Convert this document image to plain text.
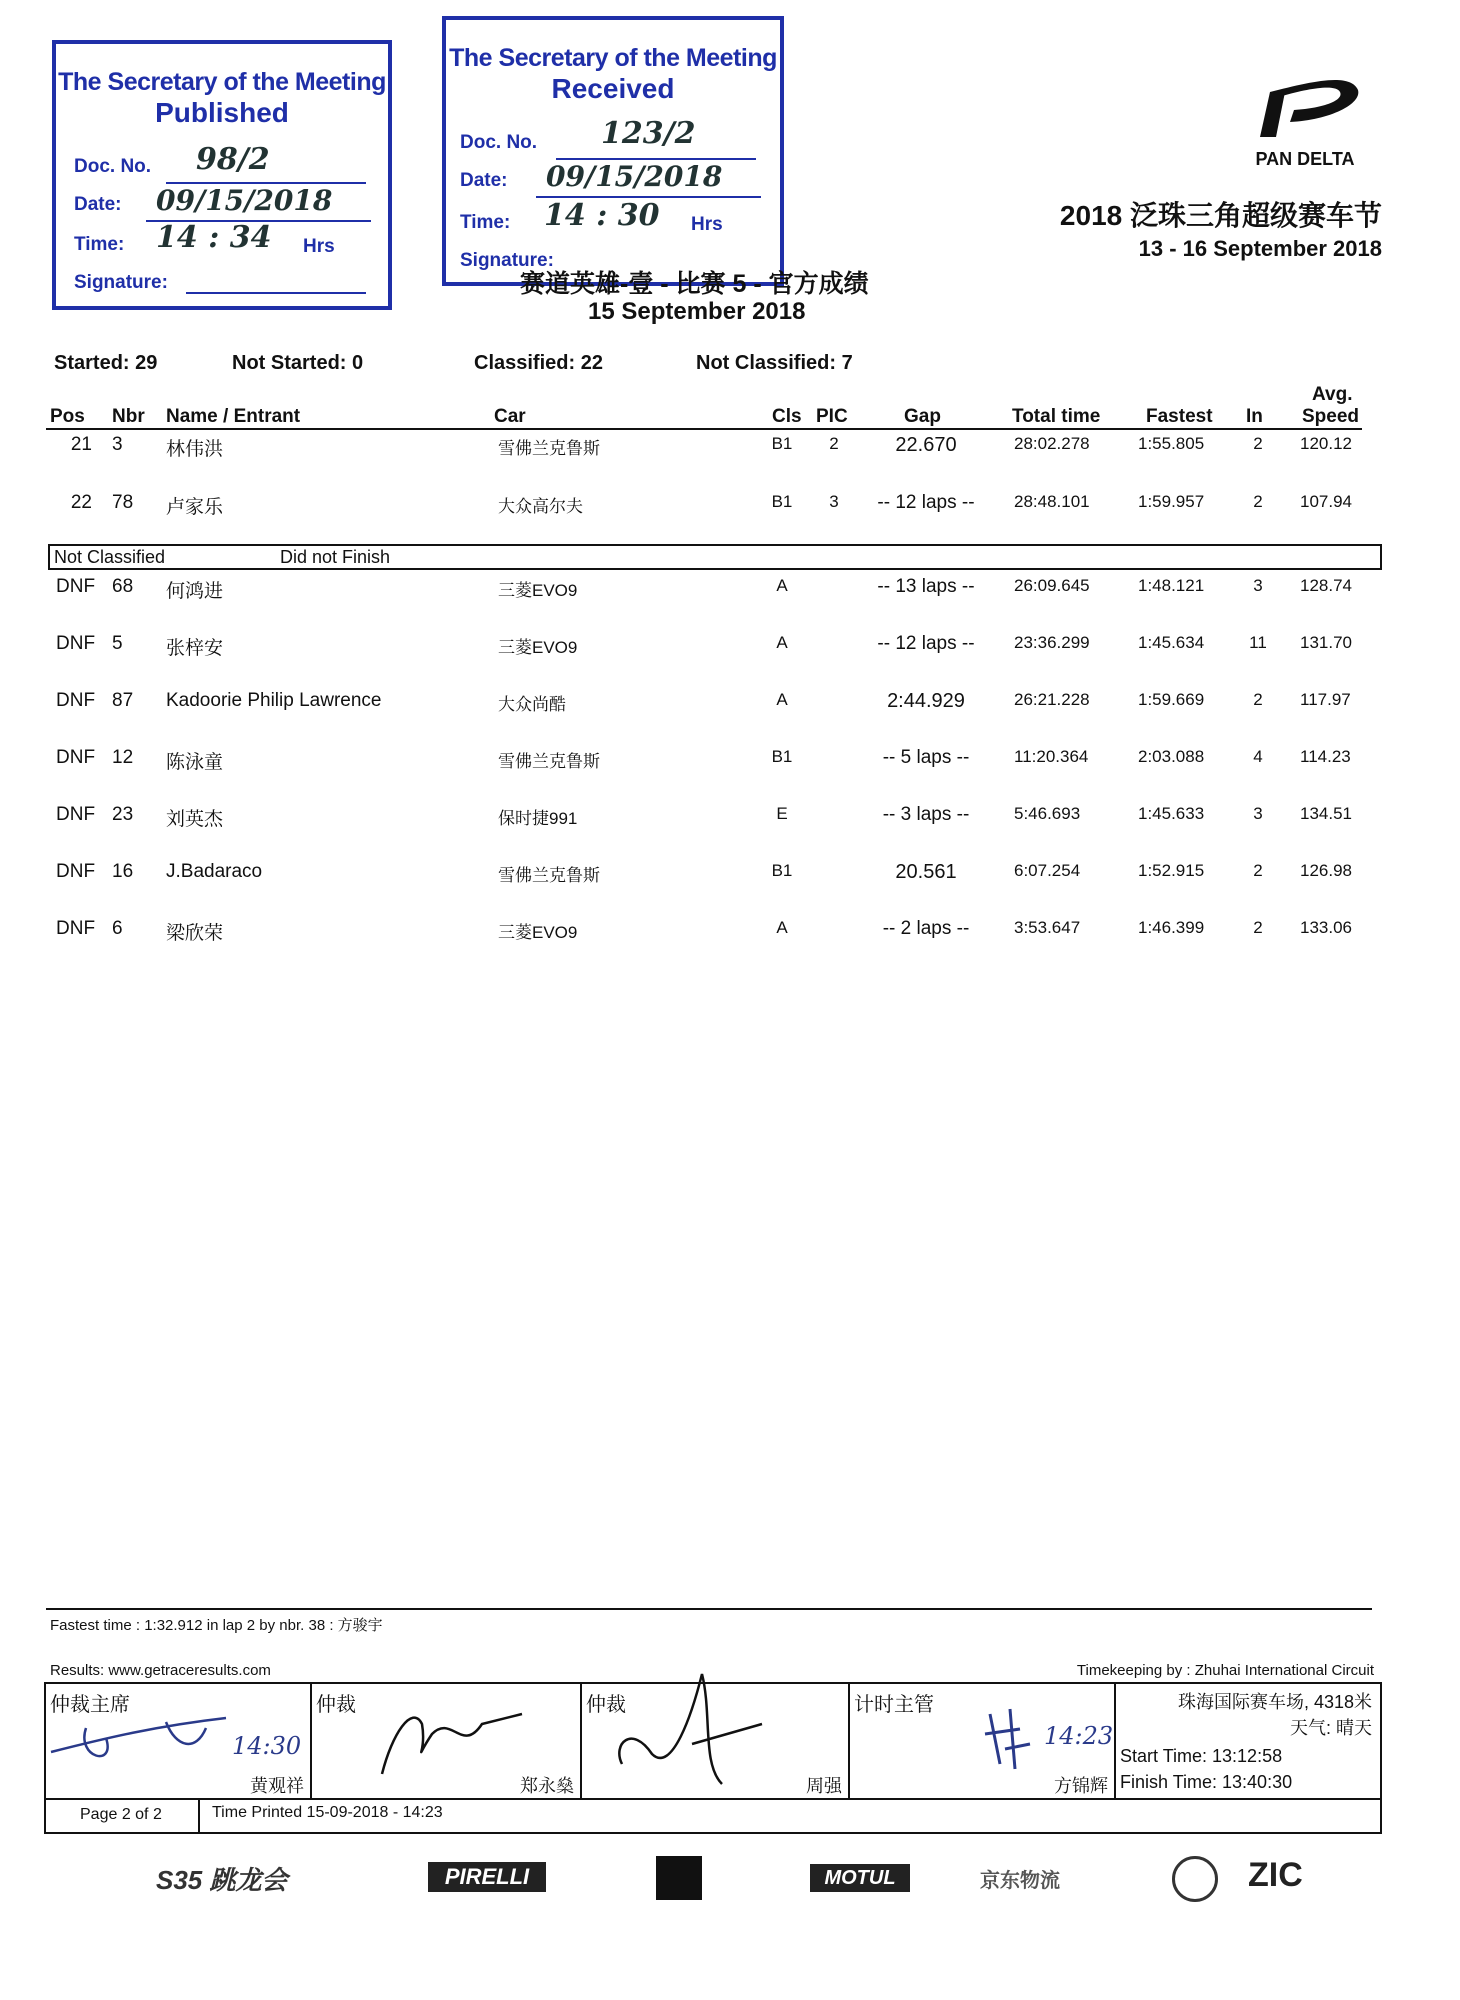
The Secretary of the Meeting
Published
Doc. No. 98/2
Date: 09/15/2018
Time: 14 : 34 Hrs
Signature:
The Secretary of the Meeting
Received
Doc. No. 123/2
Date: 09/15/2018
Time: 14 : 30 Hrs
Signature:
PAN DELTA
2018 泛珠三角超级赛车节
13 - 16 September 2018
赛道英雄-壹 - 比赛 5 - 官方成绩
15 September 2018
Started: 29	Not Started: 0	Classified: 22	Not Classified: 7
Pos Nbr Name / Entrant	Car	Cls PIC	Gap	Total time Fastest In
Avg.
Speed
21 3 林伟洪	雪佛兰克鲁斯	B1	2	22.670	28:02.278	1:55.805	2	120.12
22 78 卢家乐	大众高尔夫	B1	3	-- 12 laps --	28:48.101	1:59.957	2	107.94
Not Classified	Did not Finish
DNF 68 何鸿进	三菱EVO9	A	-- 13 laps --	26:09.645	1:48.121	3	128.74
DNF 5 张梓安	三菱EVO9	A	-- 12 laps --	23:36.299	1:45.634	11	131.70
DNF 87 Kadoorie Philip Lawrence	大众尚酷	A	2:44.929	26:21.228	1:59.669	2	117.97
DNF 12 陈泳童	雪佛兰克鲁斯	B1	-- 5 laps --	11:20.364	2:03.088	4	114.23
DNF 23 刘英杰	保时捷991	E	-- 3 laps --	5:46.693	1:45.633	3	134.51
DNF 16 J.Badaraco	雪佛兰克鲁斯	B1	20.561	6:07.254	1:52.915	2	126.98
DNF 6 梁欣荣	三菱EVO9	A	-- 2 laps --	3:53.647	1:46.399	2	133.06
Fastest time : 1:32.912 in lap 2 by nbr. 38 : 方骏宇
Results: www.getraceresults.com	Timekeeping by : Zhuhai International Circuit
仲裁主席
14:30
黄观祥
仲裁
郑永燊
仲裁
周强
计时主管
14:23
方锦辉
珠海国际赛车场, 4318米
天气: 晴天
Start Time: 13:12:58
Finish Time: 13:40:30
Page 2 of 2	Time Printed 15-09-2018 - 14:23
S35 跳龙会	PIRELLI	MOTUL	京东物流	ZIC
